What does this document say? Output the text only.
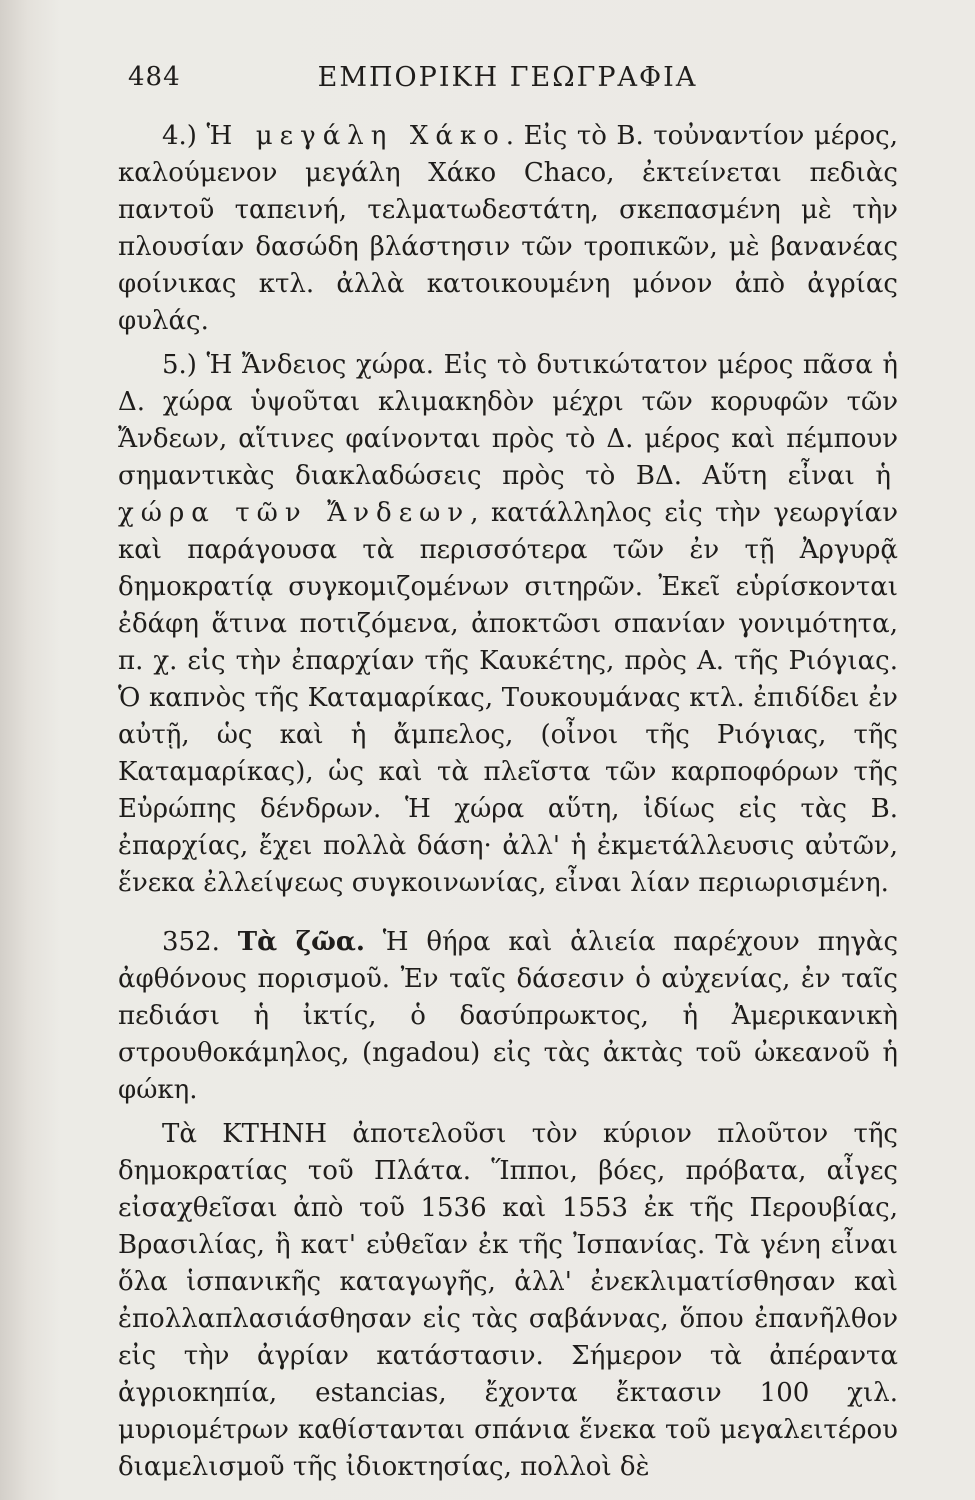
484	ΕΜΠΟΡΙΚΗ ΓΕΩΓΡΑΦΙΑ

4.) Ἡ μεγάλη Χάκο. Εἰς τὸ Β. τοὐναντίον μέρος, καλούμενον μεγάλη Χάκο Chaco, ἐκτείνεται πεδιὰς παντοῦ ταπεινή, τελματωδεστάτη, σκεπασμένη μὲ τὴν πλουσίαν δασώδη βλάστησιν τῶν τροπικῶν, μὲ βανανέας φοίνικας κτλ. ἀλλὰ κατοικουμένη μόνον ἀπὸ ἀγρίας φυλάς.

5.) Ἡ Ἄνδειος χώρα. Εἰς τὸ δυτικώτατον μέρος πᾶσα ἡ Δ. χώρα ὑψοῦται κλιμακηδὸν μέχρι τῶν κορυφῶν τῶν Ἄνδεων, αἵτινες φαίνονται πρὸς τὸ Δ. μέρος καὶ πέμπουν σημαντικὰς διακλαδώσεις πρὸς τὸ ΒΔ. Αὕτη εἶναι ἡ χώρα τῶν Ἄνδεων, κατάλληλος εἰς τὴν γεωργίαν καὶ παράγουσα τὰ περισσότερα τῶν ἐν τῇ Ἀργυρᾷ δημοκρατίᾳ συγκομιζομένων σιτηρῶν. Ἐκεῖ εὑρίσκονται ἐδάφη ἅτινα ποτιζόμενα, ἀποκτῶσι σπανίαν γονιμότητα, π. χ. εἰς τὴν ἐπαρχίαν τῆς Καυκέτης, πρὸς Α. τῆς Ριόγιας. Ὁ καπνὸς τῆς Καταμαρίκας, Τουκουμάνας κτλ. ἐπιδίδει ἐν αὐτῇ, ὡς καὶ ἡ ἄμπελος, (οἶνοι τῆς Ριόγιας, τῆς Καταμαρίκας), ὡς καὶ τὰ πλεῖστα τῶν καρποφόρων τῆς Εὐρώπης δένδρων. Ἡ χώρα αὕτη, ἰδίως εἰς τὰς Β. ἐπαρχίας, ἔχει πολλὰ δάση· ἀλλ' ἡ ἐκμετάλλευσις αὐτῶν, ἕνεκα ἐλλείψεως συγκοινωνίας, εἶναι λίαν περιωρισμένη.

352. Τὰ ζῶα. Ἡ θήρα καὶ ἁλιεία παρέχουν πηγὰς ἀφθόνους πορισμοῦ. Ἐν ταῖς δάσεσιν ὁ αὐχενίας, ἐν ταῖς πεδιάσι ἡ ἰκτίς, ὁ δασύπρωκτος, ἡ Ἀμερικανικὴ στρουθοκάμηλος, (ngadou) εἰς τὰς ἀκτὰς τοῦ ὠκεανοῦ ἡ φώκη.

Τὰ ΚΤΗΝΗ ἀποτελοῦσι τὸν κύριον πλοῦτον τῆς δημοκρατίας τοῦ Πλάτα. Ἵπποι, βόες, πρόβατα, αἶγες εἰσαχθεῖσαι ἀπὸ τοῦ 1536 καὶ 1553 ἐκ τῆς Περουβίας, Βρασιλίας, ἢ κατ' εὐθεῖαν ἐκ τῆς Ἰσπανίας. Τὰ γένη εἶναι ὅλα ἱσπανικῆς καταγωγῆς, ἀλλ' ἐνεκλιματίσθησαν καὶ ἐπολλαπλασιάσθησαν εἰς τὰς σαβάννας, ὅπου ἐπανῆλθον εἰς τὴν ἀγρίαν κατάστασιν. Σήμερον τὰ ἀπέραντα ἀγριοκηπία, estancias, ἔχοντα ἔκτασιν 100 χιλ. μυριομέτρων καθίστανται σπάνια ἕνεκα τοῦ μεγαλειτέρου διαμελισμοῦ τῆς ἰδιοκτησίας, πολλοὶ δὲ
